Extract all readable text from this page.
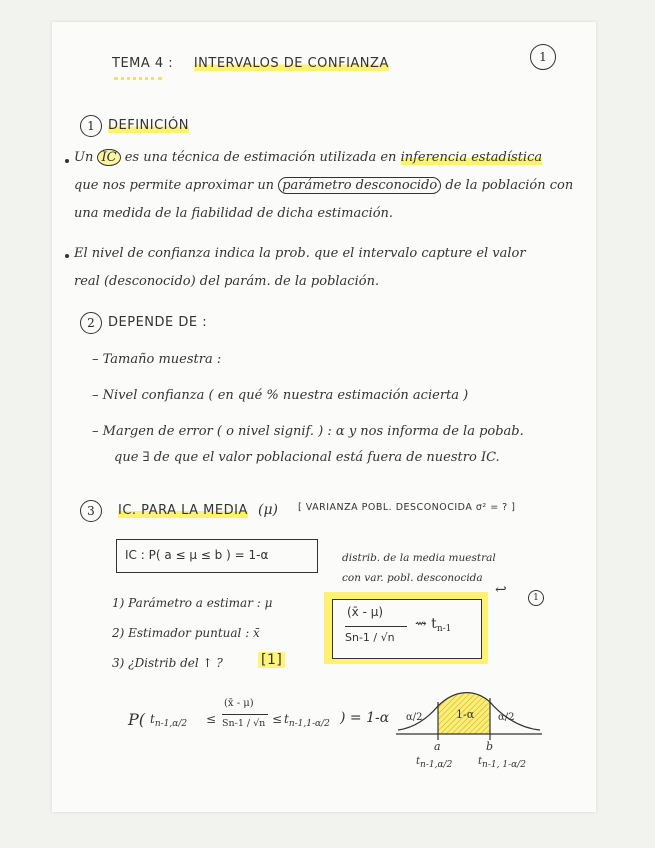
1
TEMA 4 : INTERVALOS DE CONFIANZA
1 DEFINICIÓN
Un IC es una técnica de estimación utilizada en inferencia estadística
que nos permite aproximar un parámetro desconocido de la población con
una medida de la fiabilidad de dicha estimación.
El nivel de confianza indica la prob. que el intervalo capture el valor
real (desconocido) del parám. de la población.
2 DEPENDE DE :
– Tamaño muestra :
– Nivel confianza ( en qué % nuestra estimación acierta )
– Margen de error ( o nivel signif. ) : α y nos informa de la pobab.
que ∃ de que el valor poblacional está fuera de nuestro IC.
3 IC. PARA LA MEDIA (μ) [ VARIANZA POBL. DESCONOCIDA σ² = ? ]
IC : P( a ≤ μ ≤ b ) = 1-α	distrib. de la media muestral
con var. pobl. desconocida
↩
1) Parámetro a estimar : μ
2) Estimador puntual : x̄
3) ¿Distrib del ↑ ?	[1]
(x̄ - μ)
Sn-1 / √n
⇝ $t_{n-1}$
1
P( $t_{n-1,\alpha/2}$ ≤
(x̄ - μ)
$Sn-1 / √n \le t_{n-1,1-\alpha/2}$ ) = 1-α α/2	1-α α/2
a	b
tn-1,α/2	tn-1, 1-α/2
